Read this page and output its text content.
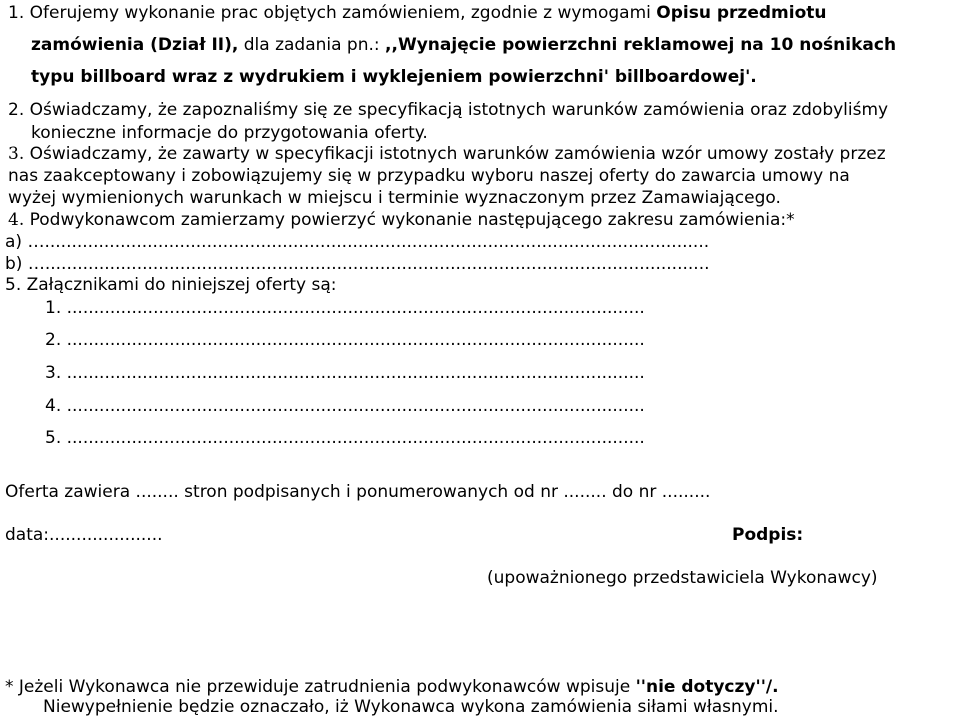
1. Oferujemy wykonanie prac objętych zamówieniem, zgodnie z wymogami Opisu przedmiotu
zamówienia (Dział II), dla zadania pn.: ,,Wynajęcie powierzchni reklamowej na 10 nośnikach
typu billboard wraz z wydrukiem i wyklejeniem powierzchni' billboardowej'.
2. Oświadczamy, że zapoznaliśmy się ze specyfikacją istotnych warunków zamówienia oraz zdobyliśmy
konieczne informacje do przygotowania oferty.
3. Oświadczamy, że zawarty w specyfikacji istotnych warunków zamówienia wzór umowy zostały przez
nas zaakceptowany i zobowiązujemy się w przypadku wyboru naszej oferty do zawarcia umowy na
wyżej wymienionych warunkach w miejscu i terminie wyznaczonym przez Zamawiającego.
4. Podwykonawcom zamierzamy powierzyć wykonanie następującego zakresu zamówienia:*
a) …...........................................................................................................................
b) …...........................................................................................................................
5. Załącznikami do niniejszej oferty są:
1. ...........................................................................................................
2. ...........................................................................................................
3. ...........................................................................................................
4. ...........................................................................................................
5. ...........................................................................................................
Oferta zawiera ........ stron podpisanych i ponumerowanych od nr ........ do nr .........
data:.....................	Podpis:
(upoważnionego przedstawiciela Wykonawcy)
* Jeżeli Wykonawca nie przewiduje zatrudnienia podwykonawców wpisuje ''nie dotyczy''/.
Niewypełnienie będzie oznaczało, iż Wykonawca wykona zamówienia siłami własnymi.
